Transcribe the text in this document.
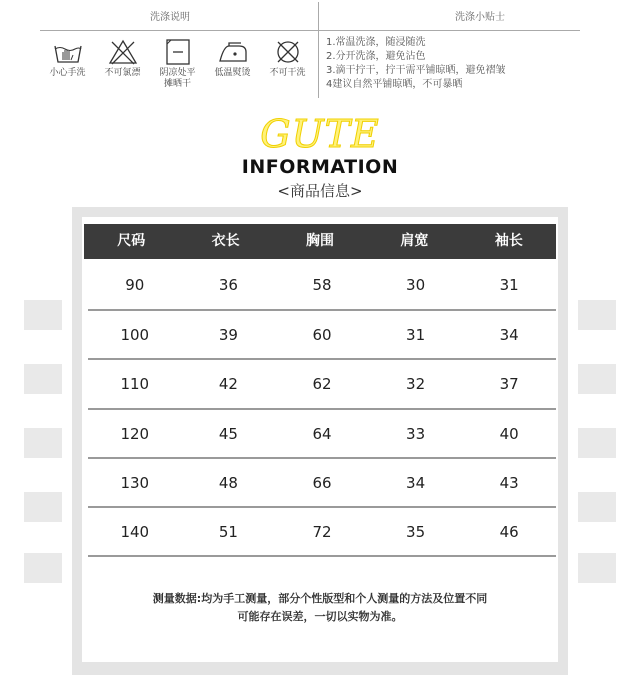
洗涤说明	洗涤小贴士
小心手洗 不可氯漂 阴凉处平
摊晒干
低温熨烫 不可干洗
1.常温洗涤，随浸随洗
2.分开洗涤，避免沾色
3.滴干拧干，拧干需平铺晾晒，避免褶皱
4建议自然平铺晾晒，不可暴晒
GUTE
INFORMATION
<商品信息>
尺码	衣长	胸围	肩宽	袖长
90	36	58	30	31
100	39	60	31	34
110	42	62	32	37
120	45	64	33	40
130	48	66	34	43
140	51	72	35	46
测量数据:均为手工测量，部分个性版型和个人测量的方法及位置不同
可能存在误差，一切以实物为准。
